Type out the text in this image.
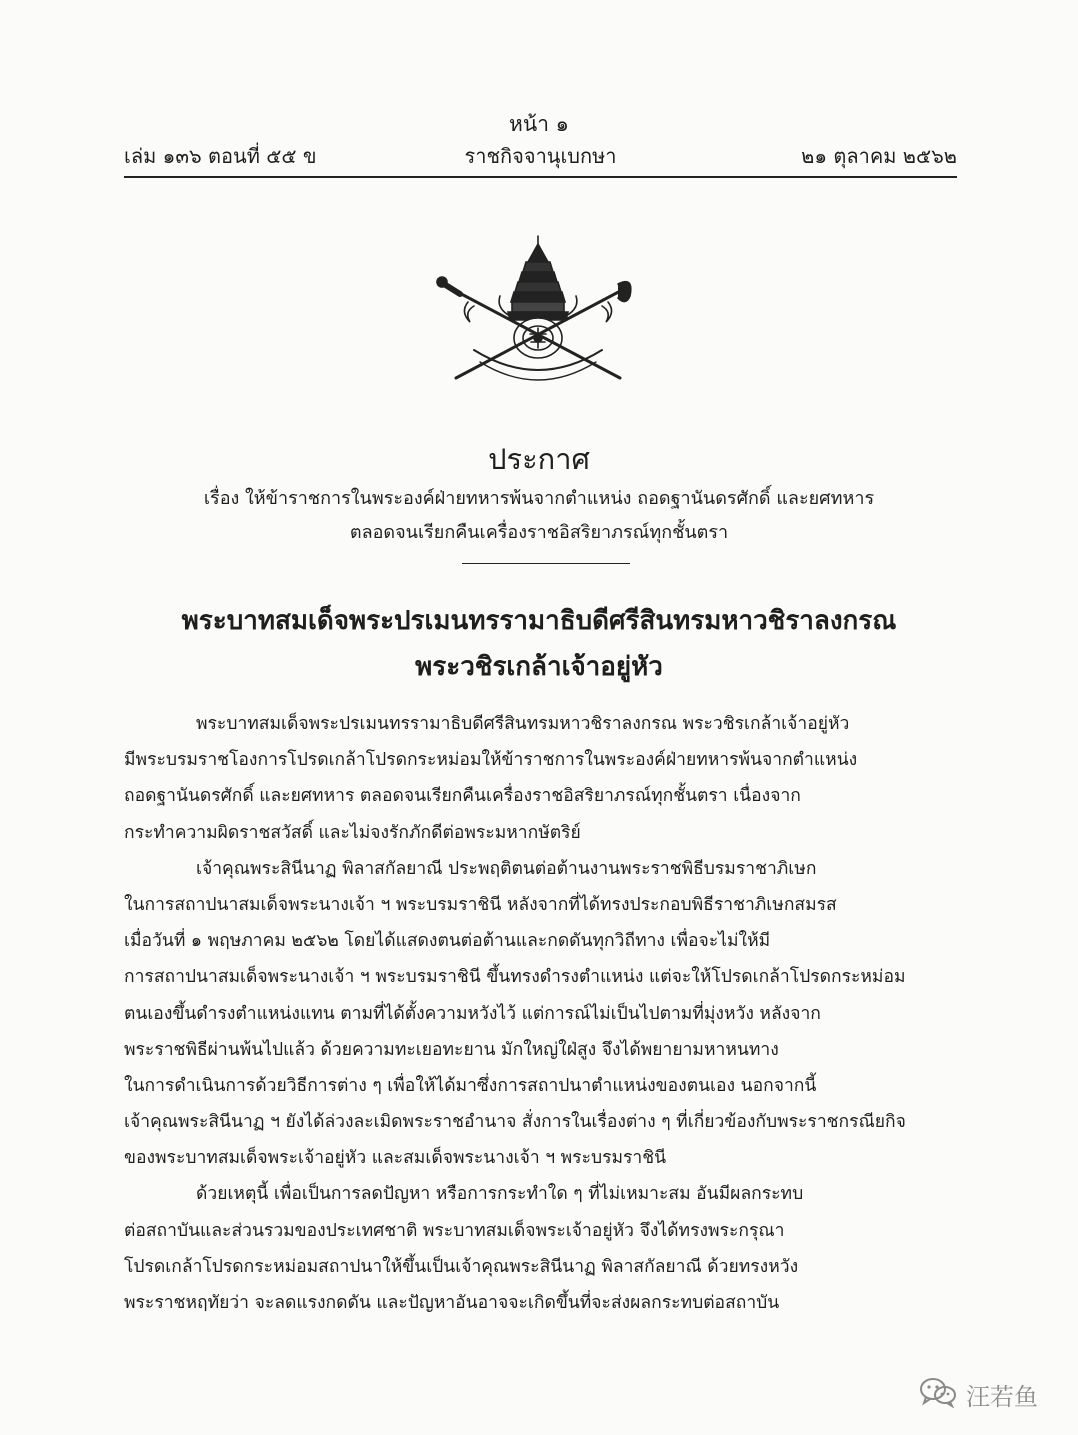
หน้า ๑
เล่ม ๑๓๖ ตอนที่ ๕๕ ข	ราชกิจจานุเบกษา	๒๑ ตุลาคม ๒๕๖๒
ประกาศ
เรื่อง ให้ข้าราชการในพระองค์ฝ่ายทหารพ้นจากตำแหน่ง ถอดฐานันดรศักดิ์ และยศทหาร
ตลอดจนเรียกคืนเครื่องราชอิสริยาภรณ์ทุกชั้นตรา
พระบาทสมเด็จพระปรเมนทรรามาธิบดีศรีสินทรมหาวชิราลงกรณ
พระวชิรเกล้าเจ้าอยู่หัว
พระบาทสมเด็จพระปรเมนทรรามาธิบดีศรีสินทรมหาวชิราลงกรณ พระวชิรเกล้าเจ้าอยู่หัว
มีพระบรมราชโองการโปรดเกล้าโปรดกระหม่อมให้ข้าราชการในพระองค์ฝ่ายทหารพ้นจากตำแหน่ง
ถอดฐานันดรศักดิ์ และยศทหาร ตลอดจนเรียกคืนเครื่องราชอิสริยาภรณ์ทุกชั้นตรา เนื่องจาก
กระทำความผิดราชสวัสดิ์ และไม่จงรักภักดีต่อพระมหากษัตริย์
เจ้าคุณพระสินีนาฏ พิลาสกัลยาณี ประพฤติตนต่อต้านงานพระราชพิธีบรมราชาภิเษก
ในการสถาปนาสมเด็จพระนางเจ้า ฯ พระบรมราชินี หลังจากที่ได้ทรงประกอบพิธีราชาภิเษกสมรส
เมื่อวันที่ ๑ พฤษภาคม ๒๕๖๒ โดยได้แสดงตนต่อต้านและกดดันทุกวิถีทาง เพื่อจะไม่ให้มี
การสถาปนาสมเด็จพระนางเจ้า ฯ พระบรมราชินี ขึ้นทรงดำรงตำแหน่ง แต่จะให้โปรดเกล้าโปรดกระหม่อม
ตนเองขึ้นดำรงตำแหน่งแทน ตามที่ได้ตั้งความหวังไว้ แต่การณ์ไม่เป็นไปตามที่มุ่งหวัง หลังจาก
พระราชพิธีผ่านพ้นไปแล้ว ด้วยความทะเยอทะยาน มักใหญ่ใฝ่สูง จึงได้พยายามหาหนทาง
ในการดำเนินการด้วยวิธีการต่าง ๆ เพื่อให้ได้มาซึ่งการสถาปนาตำแหน่งของตนเอง นอกจากนี้
เจ้าคุณพระสินีนาฏ ฯ ยังได้ล่วงละเมิดพระราชอำนาจ สั่งการในเรื่องต่าง ๆ ที่เกี่ยวข้องกับพระราชกรณียกิจ
ของพระบาทสมเด็จพระเจ้าอยู่หัว และสมเด็จพระนางเจ้า ฯ พระบรมราชินี
ด้วยเหตุนี้ เพื่อเป็นการลดปัญหา หรือการกระทำใด ๆ ที่ไม่เหมาะสม อันมีผลกระทบ
ต่อสถาบันและส่วนรวมของประเทศชาติ พระบาทสมเด็จพระเจ้าอยู่หัว จึงได้ทรงพระกรุณา
โปรดเกล้าโปรดกระหม่อมสถาปนาให้ขึ้นเป็นเจ้าคุณพระสินีนาฏ พิลาสกัลยาณี ด้วยทรงหวัง
พระราชหฤทัยว่า จะลดแรงกดดัน และปัญหาอันอาจจะเกิดขึ้นที่จะส่งผลกระทบต่อสถาบัน
汪若鱼
